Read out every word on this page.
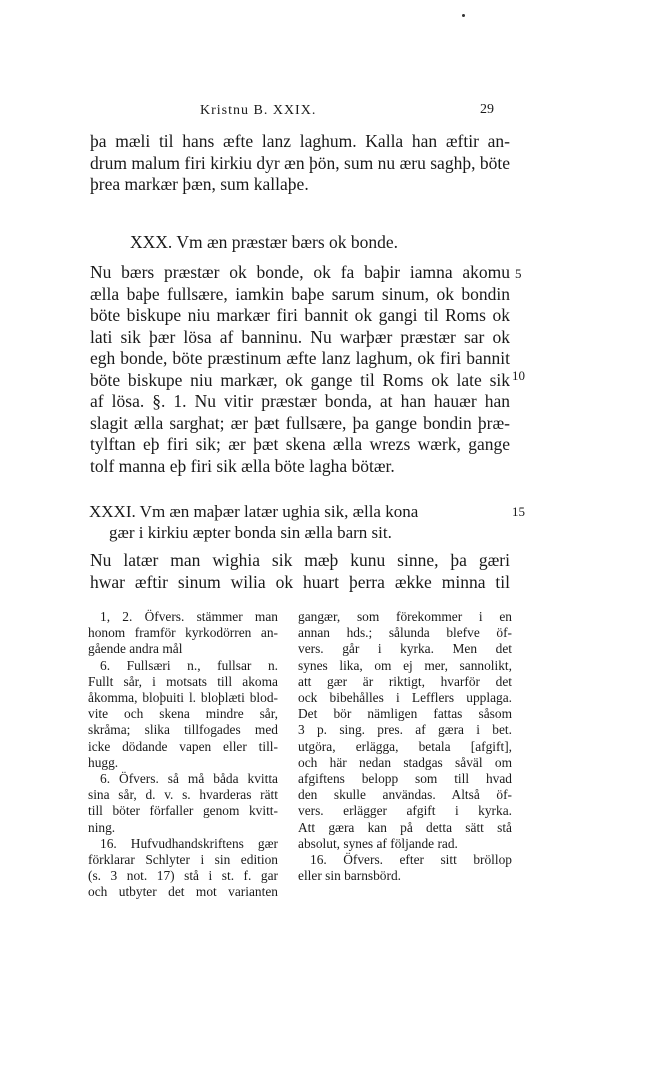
Kristnu B. XXIX.	29
þa mæli til hans æfte lanz laghum. Kalla han æftir an-
drum malum firi kirkiu dyr æn þön, sum nu æru saghþ, böte
þrea markær þæn, sum kallaþe.
XXX. Vm æn præstær bærs ok bonde.
Nu bærs præstær ok bonde, ok fa baþir iamna akomu
ælla baþe fullsære, iamkin baþe sarum sinum, ok bondin
böte biskupe niu markær firi bannit ok gangi til Roms ok
lati sik þær lösa af banninu. Nu warþær præstær sar ok
egh bonde, böte præstinum æfte lanz laghum, ok firi bannit
böte biskupe niu markær, ok gange til Roms ok late sik
af lösa. §. 1. Nu vitir præstær bonda, at han hauær han
slagit ælla sarghat; ær þæt fullsære, þa gange bondin þræ-
tylftan eþ firi sik; ær þæt skena ælla wrezs wærk, gange
tolf manna eþ firi sik ælla böte lagha bötær.
5
10
15
XXXI. Vm æn maþær latær ughia sik, ælla kona
gær i kirkiu æpter bonda sin ælla barn sit.
Nu latær man wighia sik mæþ kunu sinne, þa gæri
hwar æftir sinum wilia ok huart þerra ække minna til
1, 2. Öfvers. stämmer man
honom framför kyrkodörren an-
gående andra mål
6. Fullsæri n., fullsar n.
Fullt sår, i motsats till akoma
åkomma, bloþuiti l. bloþlæti blod-
vite och skena mindre sår,
skråma; slika tillfogades med
icke dödande vapen eller till-
hugg.
6. Öfvers. så må båda kvitta
sina sår, d. v. s. hvarderas rätt
till böter förfaller genom kvitt-
ning.
16. Hufvudhandskriftens gær
förklarar Schlyter i sin edition
(s. 3 not. 17) stå i st. f. gar
och utbyter det mot varianten
gangær, som förekommer i en
annan hds.; sålunda blefve öf-
vers. går i kyrka. Men det
synes lika, om ej mer, sannolikt,
att gær är riktigt, hvarför det
ock bibehålles i Lefflers upplaga.
Det bör nämligen fattas såsom
3 p. sing. pres. af gæra i bet.
utgöra, erlägga, betala [afgift],
och här nedan stadgas såväl om
afgiftens belopp som till hvad
den skulle användas. Altså öf-
vers. erlägger afgift i kyrka.
Att gæra kan på detta sätt stå
absolut, synes af följande rad.
16. Öfvers. efter sitt bröllop
eller sin barnsbörd.
